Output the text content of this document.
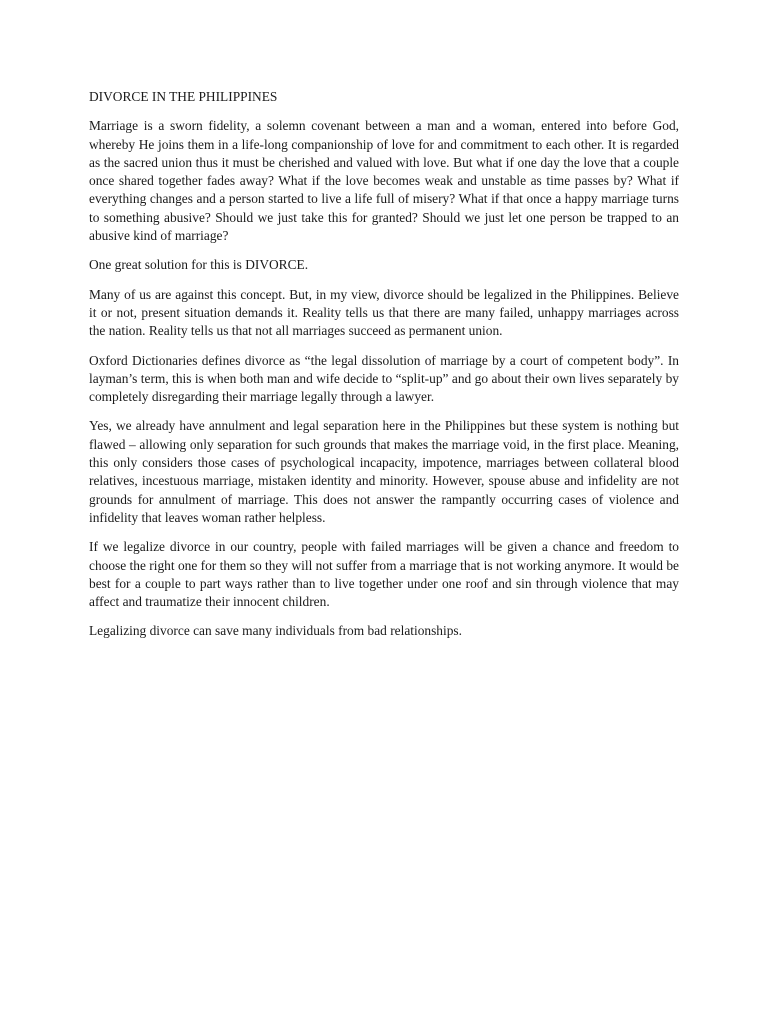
DIVORCE IN THE PHILIPPINES

Marriage is a sworn fidelity, a solemn covenant between a man and a woman, entered into before God, whereby He joins them in a life-long companionship of love for and commitment to each other. It is regarded as the sacred union thus it must be cherished and valued with love. But what if one day the love that a couple once shared together fades away? What if the love becomes weak and unstable as time passes by? What if everything changes and a person started to live a life full of misery? What if that once a happy marriage turns to something abusive? Should we just take this for granted? Should we just let one person be trapped to an abusive kind of marriage?

One great solution for this is DIVORCE.

Many of us are against this concept. But, in my view, divorce should be legalized in the Philippines. Believe it or not, present situation demands it. Reality tells us that there are many failed, unhappy marriages across the nation. Reality tells us that not all marriages succeed as permanent union.

Oxford Dictionaries defines divorce as “the legal dissolution of marriage by a court of competent body”. In layman’s term, this is when both man and wife decide to “split-up” and go about their own lives separately by completely disregarding their marriage legally through a lawyer.

Yes, we already have annulment and legal separation here in the Philippines but these system is nothing but flawed – allowing only separation for such grounds that makes the marriage void, in the first place. Meaning, this only considers those cases of psychological incapacity, impotence, marriages between collateral blood relatives, incestuous marriage, mistaken identity and minority. However, spouse abuse and infidelity are not grounds for annulment of marriage. This does not answer the rampantly occurring cases of violence and infidelity that leaves woman rather helpless.

If we legalize divorce in our country, people with failed marriages will be given a chance and freedom to choose the right one for them so they will not suffer from a marriage that is not working anymore. It would be best for a couple to part ways rather than to live together under one roof and sin through violence that may affect and traumatize their innocent children.

Legalizing divorce can save many individuals from bad relationships.
